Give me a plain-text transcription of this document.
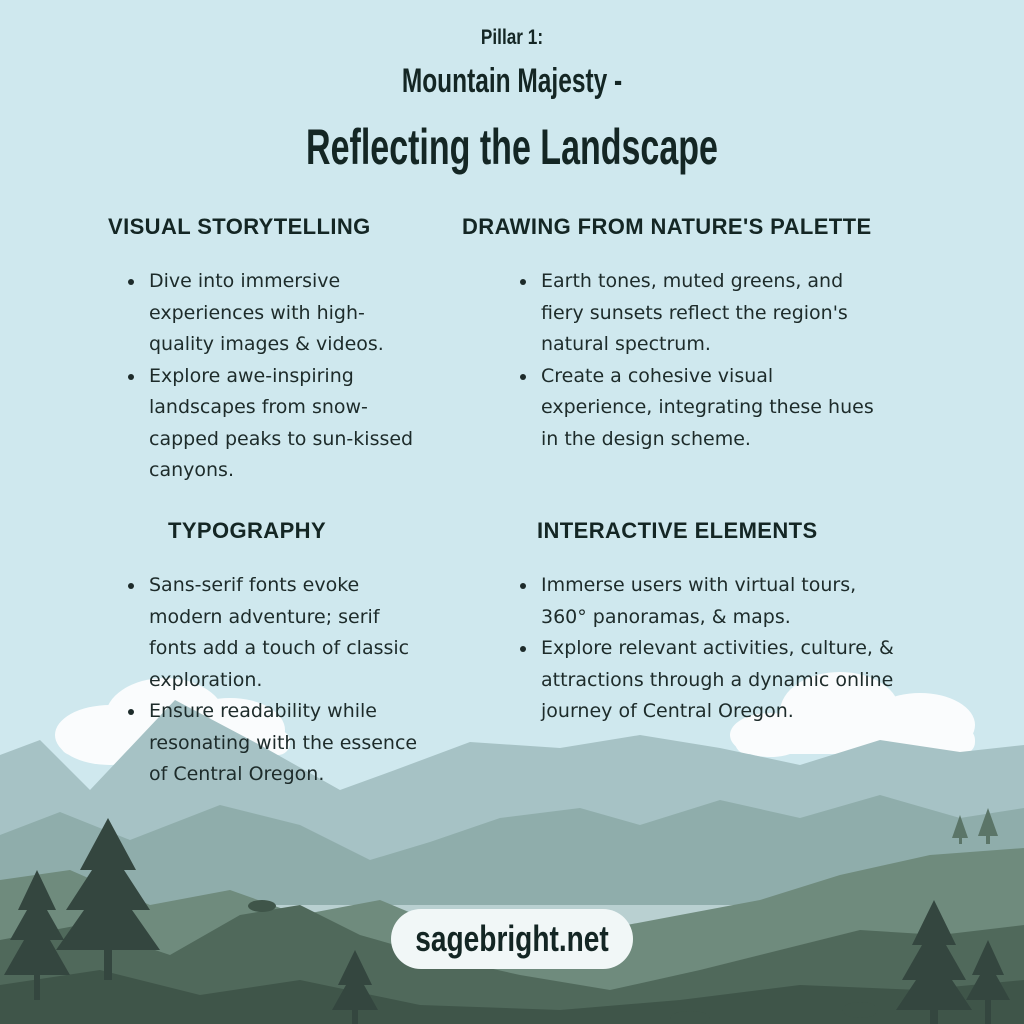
Pillar 1:
Mountain Majesty -
Reflecting the Landscape
VISUAL STORYTELLING
Dive into immersive experiences with high-quality images & videos.
Explore awe-inspiring landscapes from snow-capped peaks to sun-kissed canyons.
DRAWING FROM NATURE'S PALETTE
Earth tones, muted greens, and fiery sunsets reflect the region's natural spectrum.
Create a cohesive visual experience, integrating these hues in the design scheme.
TYPOGRAPHY
Sans-serif fonts evoke modern adventure; serif fonts add a touch of classic exploration.
Ensure readability while resonating with the essence of Central Oregon.
INTERACTIVE ELEMENTS
Immerse users with virtual tours, 360° panoramas, & maps.
Explore relevant activities, culture, & attractions through a dynamic online journey of Central Oregon.
sagebright.net
